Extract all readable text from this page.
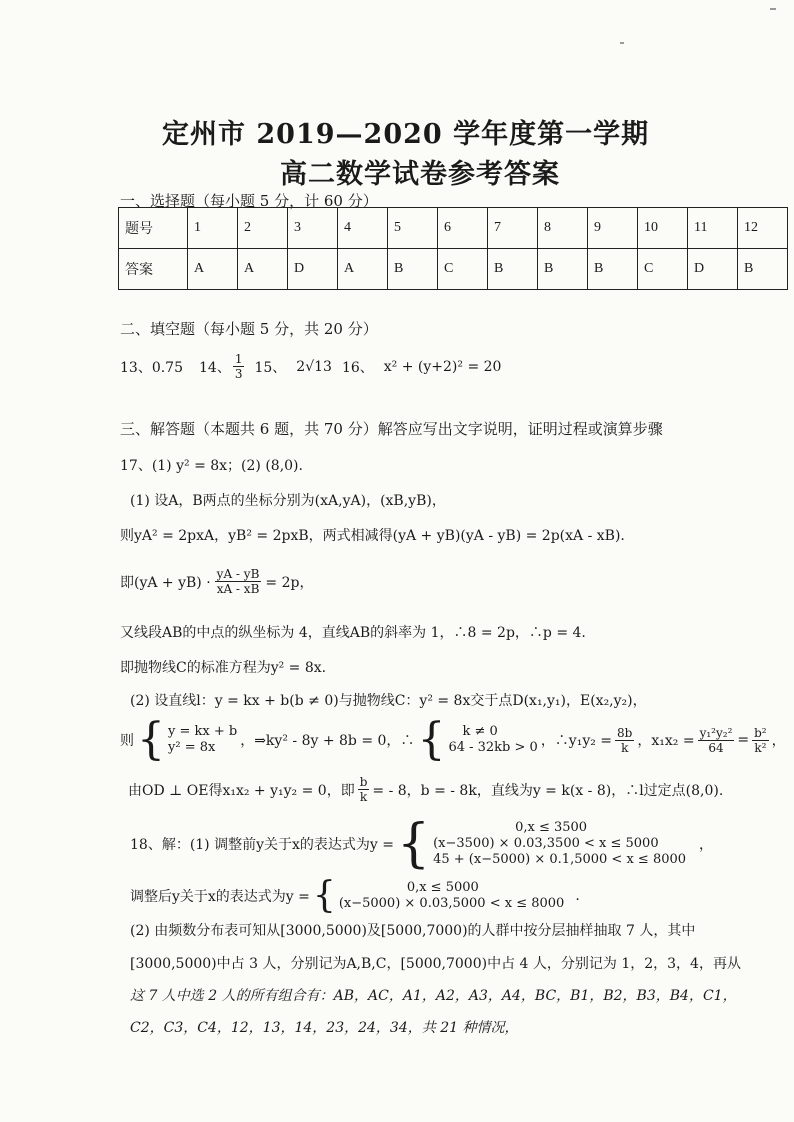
定州市 2019—2020 学年度第一学期
高二数学试卷参考答案
一、选择题（每小题 5 分，计 60 分）
题号	1	2	3	4	5	6	7	8	9	10	11	12
答案	A	A	D	A	B	C	B	B	B	C	D	B
二、填空题（每小题 5 分，共 20 分）
13、0.75 14、 $\frac{1}{3} 15$、 2√13 16、 x² + (y+2)² = 20
三、解答题（本题共 6 题，共 70 分）解答应写出文字说明，证明过程或演算步骤
17、(1) y² = 8x；(2) (8,0).
(1) 设A，B两点的坐标分别为(xA,yA)，(xB,yB)，
则yA² = 2pxA，yB² = 2pxB，两式相减得(yA + yB)(yA - yB) = 2p(xA - xB).
即$(yA + yB) \cdot \frac{yA - yB}{xA - xB} = 2p$，
又线段AB的中点的纵坐标为 4，直线AB的斜率为 1，∴8 = 2p，∴p = 4.
即抛物线C的标准方程为y² = 8x.
(2) 设直线l：y = kx + b(b ≠ 0)与抛物线C：y² = 8x交于点D(x₁,y₁)，E(x₂,y₂)，
则 { y = kx + b
y² = 8x	，⇒ky² - 8y + 8b = 0，∴ {	k ≠ 0
64 - 32kb > 0 ，∴y₁y₂ = $\frac{8b}{k}$ ，$x_1x_2 = \frac{\text{y₁²y₂²}}{64} = \frac{\text{b²}}{\text{k²}}$ ，
由OD ⊥ OE得x₁x₂ + y₁y₂ = 0，即 $\frac{b}{k}$ = - 8，b = - 8k，直线为y = k(x - 8)，∴l过定点(8,0).
18、解：(1) 调整前y关于x的表达式为y = {	0,x ≤ 3500
(x−3500) × 0.03,3500 < x ≤ 5000
45 + (x−5000) × 0.1,5000 < x ≤ 8000
，
调整后y关于x的表达式为y = {	0,x ≤ 5000
(x−5000) × 0.03,5000 < x ≤ 8000 .
(2) 由频数分布表可知从[3000,5000)及[5000,7000)的人群中按分层抽样抽取 7 人，其中
[3000,5000)中占 3 人，分别记为A,B,C，[5000,7000)中占 4 人，分别记为 1，2，3，4，再从
这 7 人中选 2 人的所有组合有：AB，AC，A1，A2，A3，A4，BC，B1，B2，B3，B4，C1，
C2，C3，C4，12，13，14，23，24，34，共 21 种情况，
